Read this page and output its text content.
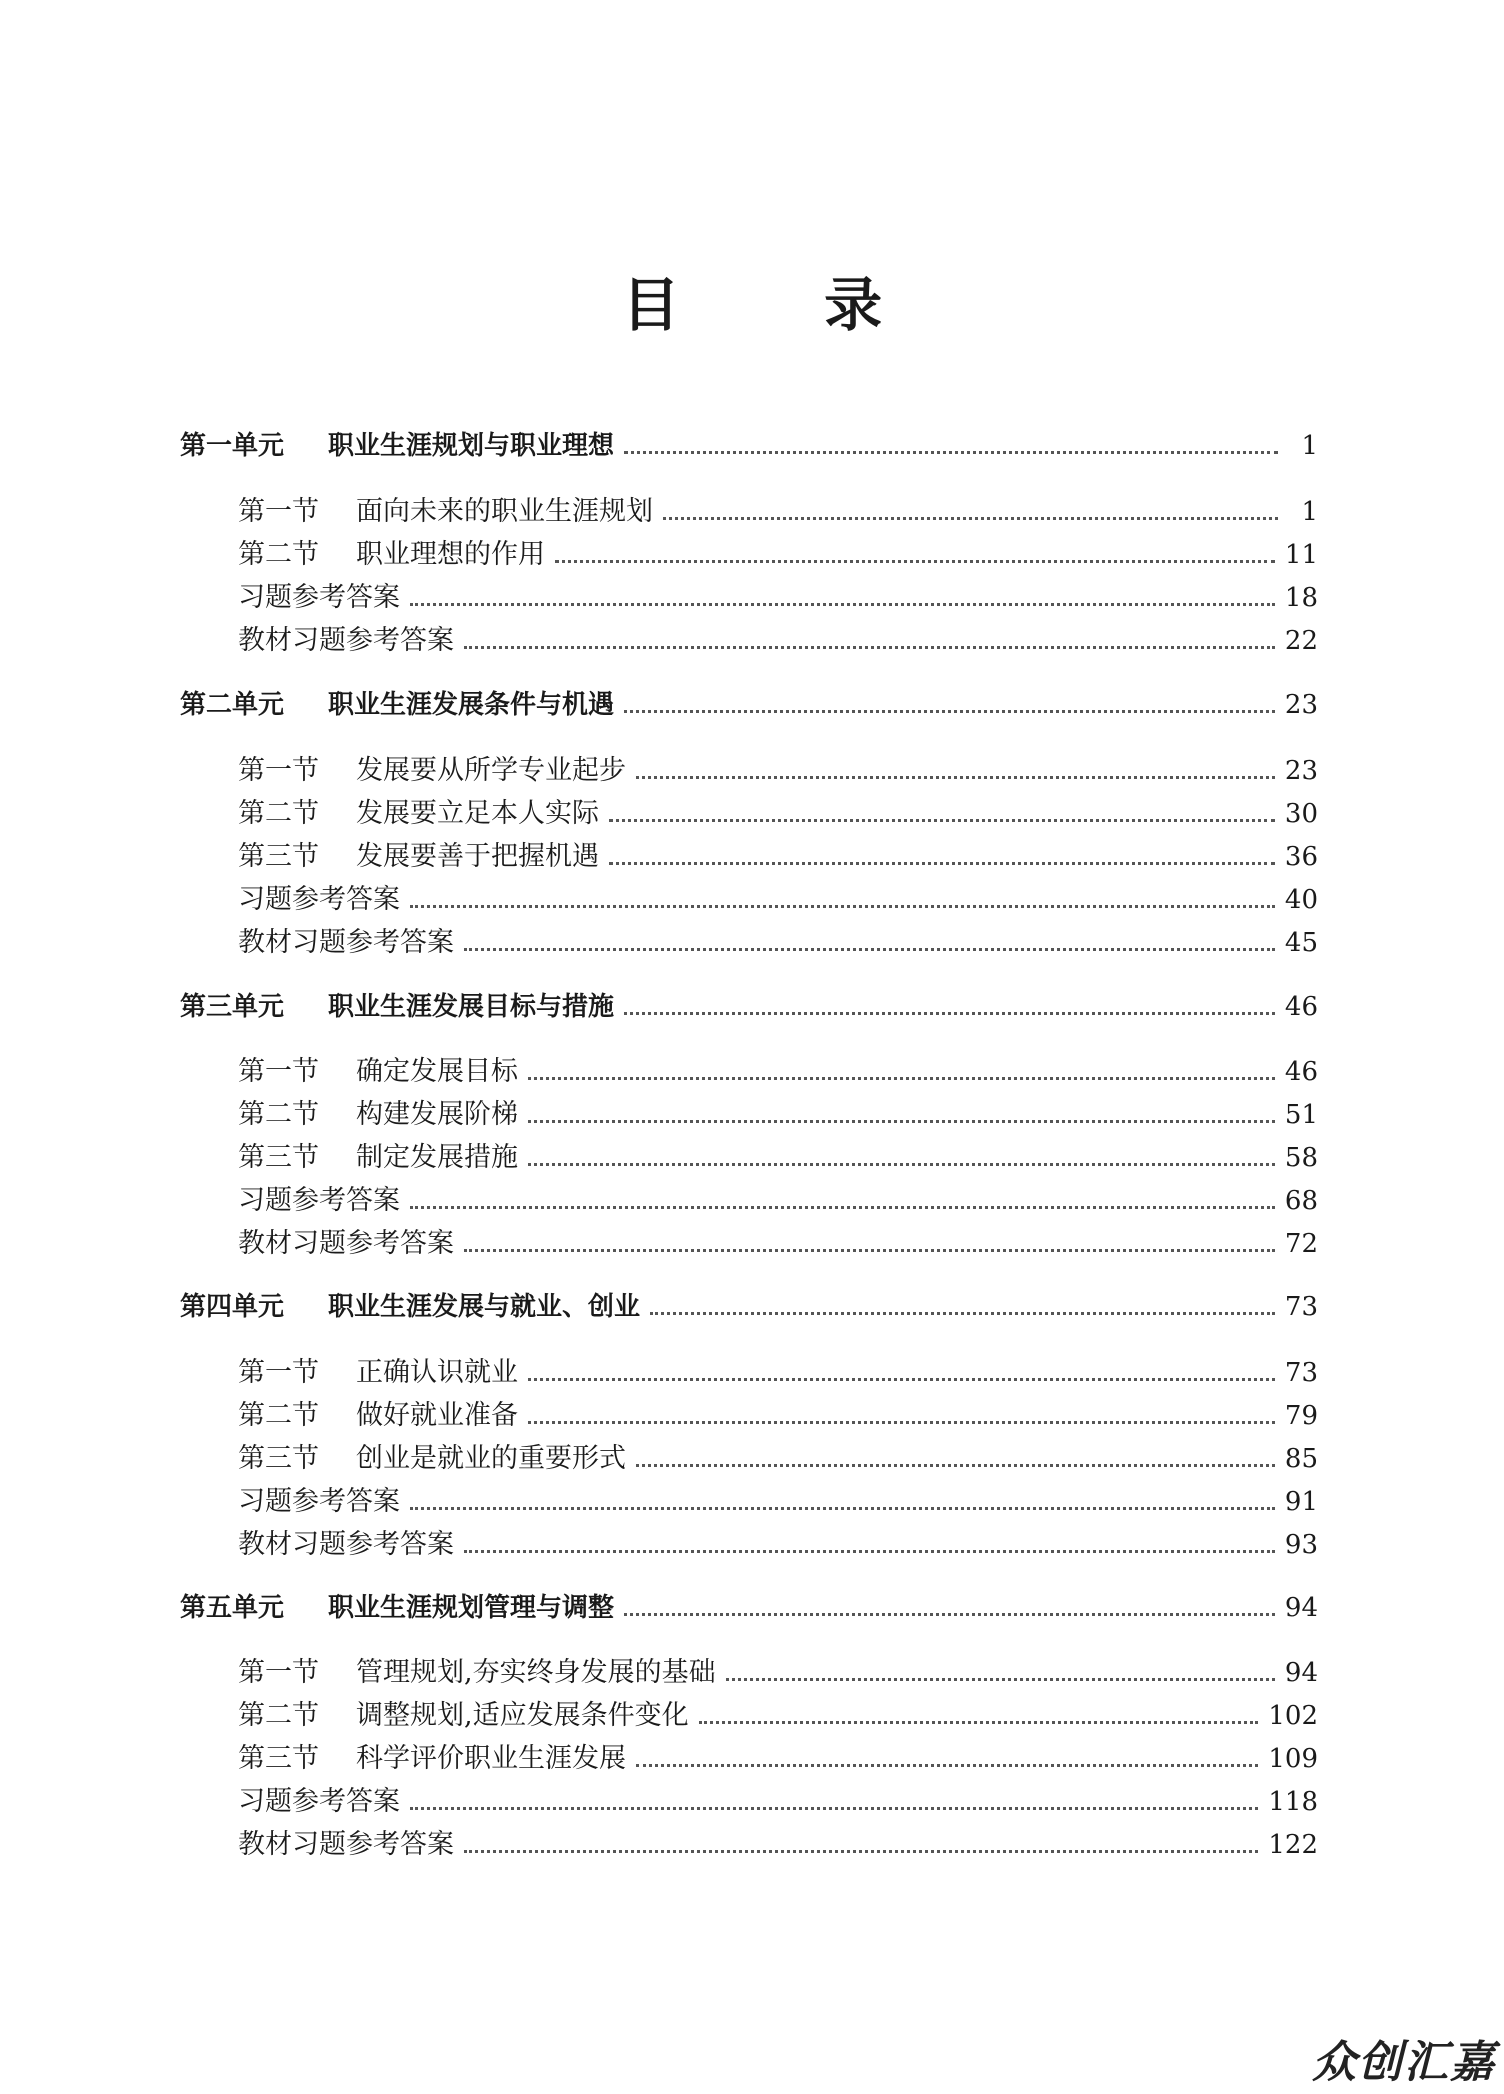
目 录
第一单元 职业生涯规划与职业理想	1
第一节 面向未来的职业生涯规划	1
第二节 职业理想的作用	11
习题参考答案	18
教材习题参考答案	22
第二单元 职业生涯发展条件与机遇	23
第一节 发展要从所学专业起步	23
第二节 发展要立足本人实际	30
第三节 发展要善于把握机遇	36
习题参考答案	40
教材习题参考答案	45
第三单元 职业生涯发展目标与措施	46
第一节 确定发展目标	46
第二节 构建发展阶梯	51
第三节 制定发展措施	58
习题参考答案	68
教材习题参考答案	72
第四单元 职业生涯发展与就业、创业	73
第一节 正确认识就业	73
第二节 做好就业准备	79
第三节 创业是就业的重要形式	85
习题参考答案	91
教材习题参考答案	93
第五单元 职业生涯规划管理与调整	94
第一节 管理规划,夯实终身发展的基础	94
第二节 调整规划,适应发展条件变化	102
第三节 科学评价职业生涯发展	109
习题参考答案	118
教材习题参考答案	122
众创汇嘉
